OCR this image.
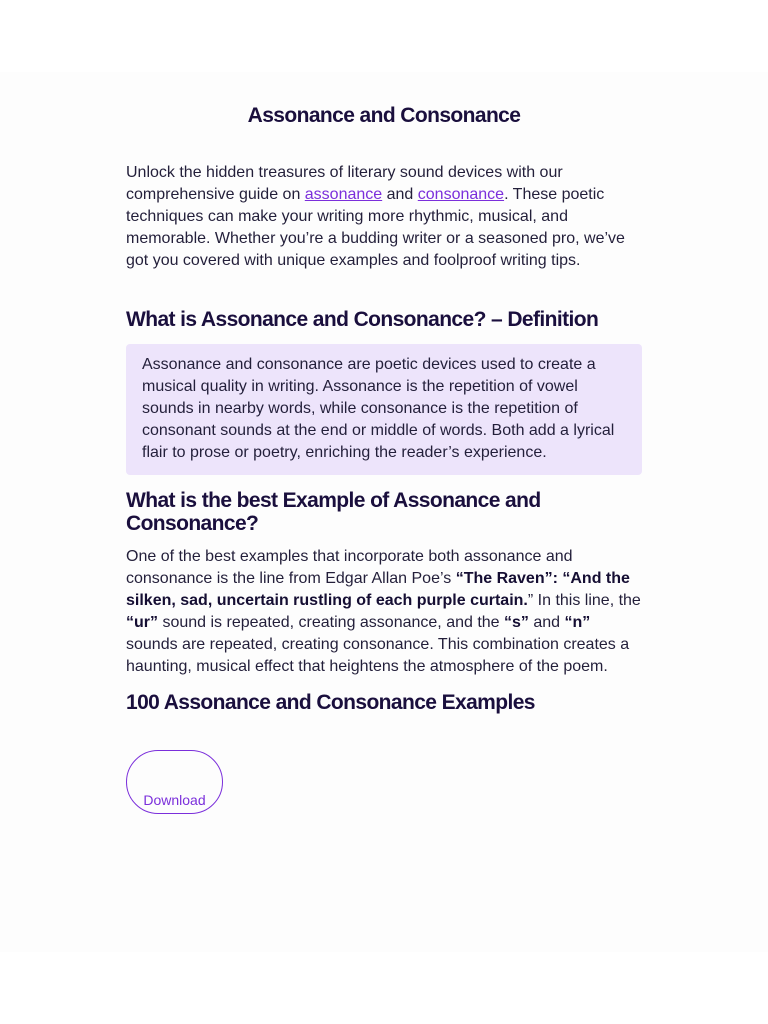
Assonance and Consonance

Unlock the hidden treasures of literary sound devices with our comprehensive guide on assonance and consonance. These poetic techniques can make your writing more rhythmic, musical, and memorable. Whether you’re a budding writer or a seasoned pro, we’ve got you covered with unique examples and foolproof writing tips.

What is Assonance and Consonance? – Definition

Assonance and consonance are poetic devices used to create a musical quality in writing. Assonance is the repetition of vowel sounds in nearby words, while consonance is the repetition of consonant sounds at the end or middle of words. Both add a lyrical flair to prose or poetry, enriching the reader’s experience.

What is the best Example of Assonance and Consonance?

One of the best examples that incorporate both assonance and consonance is the line from Edgar Allan Poe’s “The Raven”: “And the silken, sad, uncertain rustling of each purple curtain.” In this line, the “ur” sound is repeated, creating assonance, and the “s” and “n” sounds are repeated, creating consonance. This combination creates a haunting, musical effect that heightens the atmosphere of the poem.

100 Assonance and Consonance Examples
Download
